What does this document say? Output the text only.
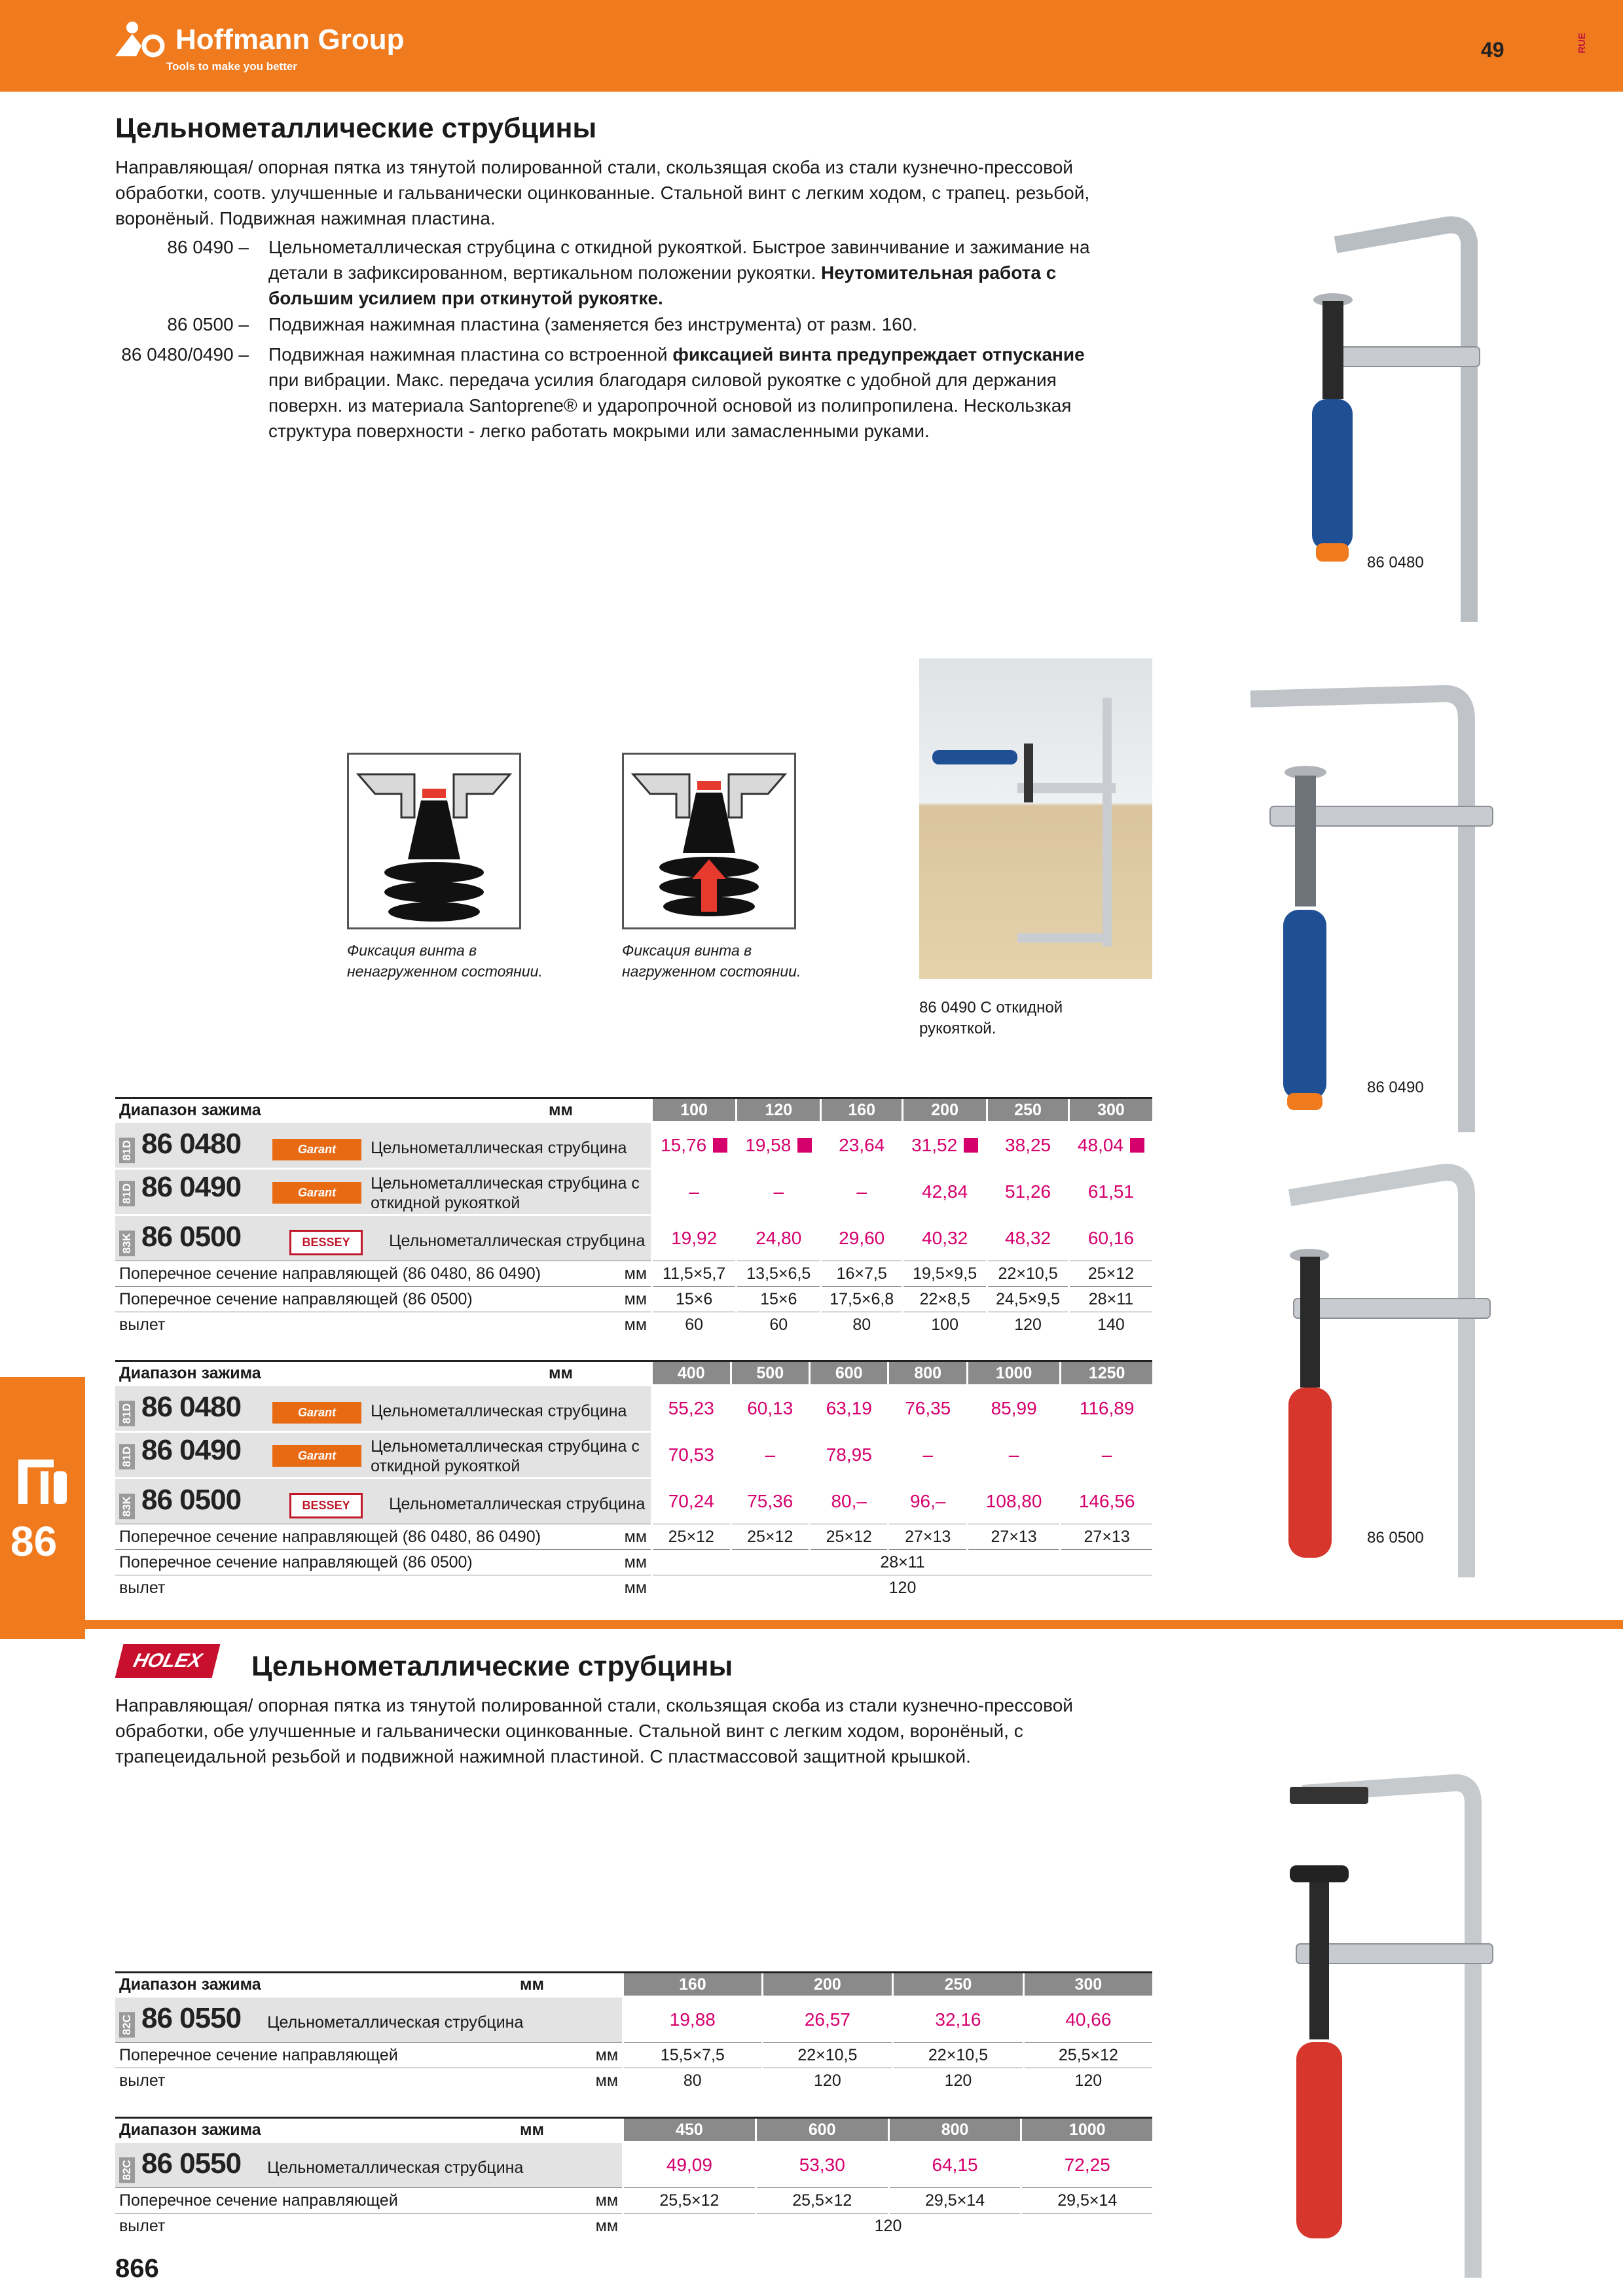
Hoffmann Group
Tools to make you better
49	RUE
Цельнометаллические струбцины
Направляющая/ опорная пятка из тянутой полированной стали, скользящая скоба из стали кузнечно-прессовой обработки, соотв. улучшенные и гальванически оцинкованные. Стальной винт с легким ходом, с трапец. резьбой, воронёный. Подвижная нажимная пластина.
86 0490 – Цельнометаллическая струбцина с откидной рукояткой. Быстрое завинчивание и зажимание на детали в зафиксированном, вертикальном положении рукоятки. Неутомительная работа с большим усилием при откинутой рукоятке.
86 0500 – Подвижная нажимная пластина (заменяется без инструмента) от разм. 160.
86 0480/0490 – Подвижная нажимная пластина со встроенной фиксацией винта предупреждает отпускание при вибрации. Макс. передача усилия благодаря силовой рукоятке с удобной для держания поверхн. из материала Santoprene® и ударопрочной основой из полипропилена. Нескользкая структура поверхности - легко работать мокрыми или замасленными руками.
86 0480
Фиксация винта в ненагруженном состоянии.
Фиксация винта в нагруженном состоянии.
86 0490 С откидной рукояткой.
86 0490
86 0500
Диапазон зажима	мм	100	120	160	200	250	300
81D 86 0480 Garant Цельнометаллическая струбцина		15,76	19,58	23,64	31,52	38,25	48,04
81D 86 0490 Garant Цельнометаллическая струбцина с откидной рукояткой		–	–	–	42,84	51,26	61,51
83K 86 0500 BESSEY Цельнометаллическая струбцина		19,92	24,80	29,60	40,32	48,32	60,16
Поперечное сечение направляющей (86 0480, 86 0490)	мм	11,5×5,7	13,5×6,5	16×7,5	19,5×9,5	22×10,5	25×12
Поперечное сечение направляющей (86 0500)	мм	15×6	15×6	17,5×6,8	22×8,5	24,5×9,5	28×11
вылет	мм	60	60	80	100	120	140
Диапазон зажима	мм	400	500	600	800	1000	1250
81D 86 0480 Garant Цельнометаллическая струбцина		55,23	60,13	63,19	76,35	85,99	116,89
81D 86 0490 Garant Цельнометаллическая струбцина с откидной рукояткой		70,53	–	78,95	–	–	–
83K 86 0500 BESSEY Цельнометаллическая струбцина		70,24	75,36	80,–	96,–	108,80	146,56
Поперечное сечение направляющей (86 0480, 86 0490)	мм	25×12	25×12	25×12	27×13	27×13	27×13
Поперечное сечение направляющей (86 0500)	мм	28×11					
вылет	мм	120					
86
HOLEX	Цельнометаллические струбцины
Направляющая/ опорная пятка из тянутой полированной стали, скользящая скоба из стали кузнечно-прессовой обработки, обе улучшенные и гальванически оцинкованные. Стальной винт с легким ходом, воронёный, с трапецеидальной резьбой и подвижной нажимной пластиной. С пластмассовой защитной крышкой.
Диапазон зажима	мм	160	200	250	300
82C 86 0550 Цельнометаллическая струбцина		19,88	26,57	32,16	40,66
Поперечное сечение направляющей	мм	15,5×7,5	22×10,5	22×10,5	25,5×12
вылет	мм	80	120	120	120
Диапазон зажима	мм	450	600	800	1000
82C 86 0550 Цельнометаллическая струбцина		49,09	53,30	64,15	72,25
Поперечное сечение направляющей	мм	25,5×12	25,5×12	29,5×14	29,5×14
вылет	мм	120			
866
